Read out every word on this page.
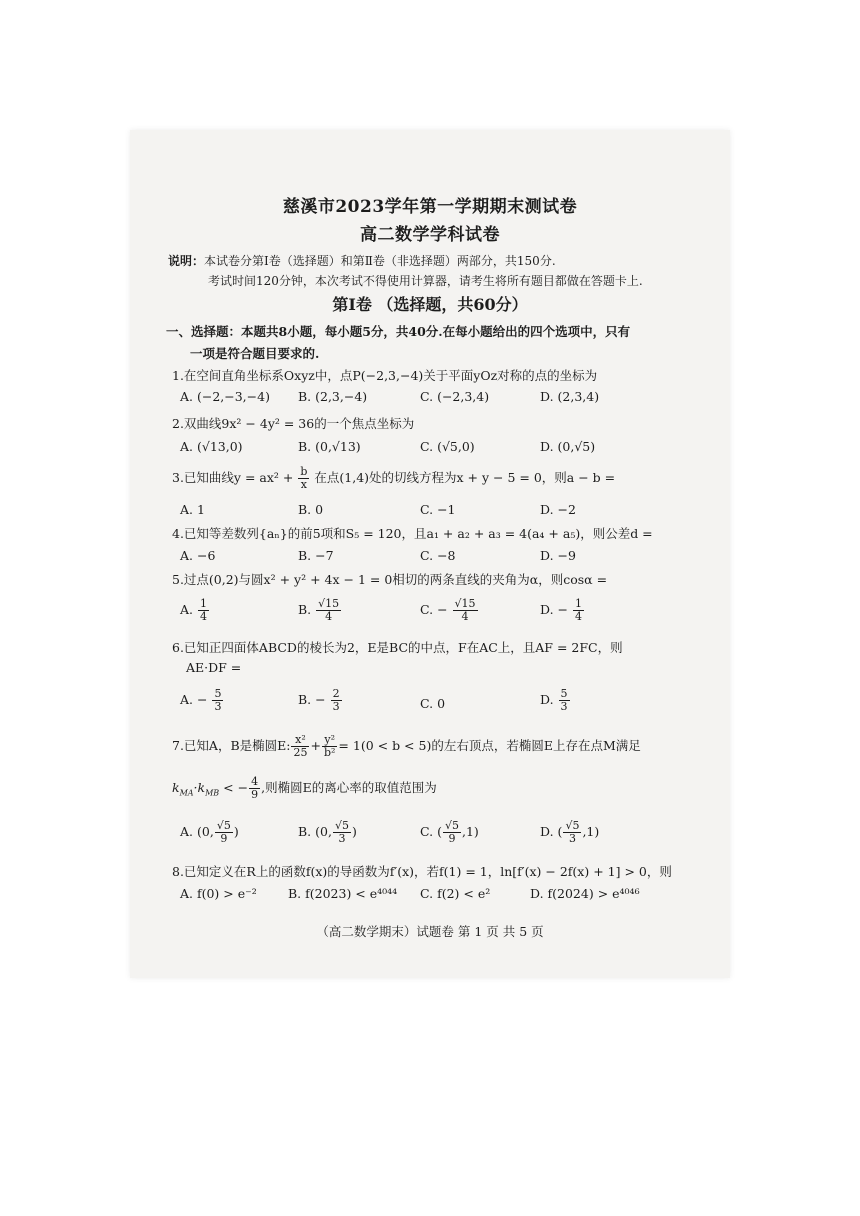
慈溪市2023学年第一学期期末测试卷
高二数学学科试卷
说明：本试卷分第Ⅰ卷（选择题）和第Ⅱ卷（非选择题）两部分，共150分.
考试时间120分钟，本次考试不得使用计算器，请考生将所有题目都做在答题卡上.
第Ⅰ卷 （选择题，共60分）
一、选择题：本题共8小题，每小题5分，共40分.在每小题给出的四个选项中，只有
一项是符合题目要求的.
1.在空间直角坐标系Oxyz中，点P(−2,3,−4)关于平面yOz对称的点的坐标为
A. (−2,−3,−4) B. (2,3,−4)	C. (−2,3,4)	D. (2,3,4)
2.双曲线9x² − 4y² = 36的一个焦点坐标为
A. (√13,0)	B. (0,√13)	C. (√5,0)	D. (0,√5)
3.已知曲线$y = ax^2 + \frac{b}{x}$ 在点(1,4)处的切线方程为x + y − 5 = 0，则a − b =
A. 1	B. 0	C. −1	D. −2
4.已知等差数列{aₙ}的前5项和S₅ = 120，且a₁ + a₂ + a₃ = 4(a₄ + a₅)，则公差d =
A. −6	B. −7	C. −8	D. −9
5.过点(0,2)与圆x² + y² + 4x − 1 = 0相切的两条直线的夹角为α，则cosα =
A. $\frac{1}{4}$	B. $\frac{√15}{4}$	C. − $\frac{√15}{4}$	D. − $\frac{1}{4}$
6.已知正四面体ABCD的棱长为2，E是BC的中点，F在AC上，且AF = 2FC，则
AE·DF =
A. − $\frac{5}{3}$	B. − $\frac{2}{3}$	C. 0	D. $\frac{5}{3}$
7.已知A，B是椭圆E: $\frac{\text{x²}}{25} + \frac{\text{y²}}{\text{b²}} = 1(0 < b < 5)$的左右顶点，若椭圆E上存在点M满足
$k_{MA}\cdot k_{MB}$ < − $\frac{4}{9}$ ,则椭圆E的离心率的取值范围为
A. (0, $\frac{√5}{9}$ )	B. (0, $\frac{√5}{3}$ )	C. ( $\frac{√5}{9} ,1$)	D. ( $\frac{√5}{3} ,1$)
8.已知定义在R上的函数f(x)的导函数为f′(x)，若f(1) = 1，ln[f′(x) − 2f(x) + 1] > 0，则
A. f(0) > e⁻²	B. f(2023) < e⁴⁰⁴⁴ C. f(2) < e²	D. f(2024) > e⁴⁰⁴⁶
（高二数学期末）试题卷 第 1 页 共 5 页
